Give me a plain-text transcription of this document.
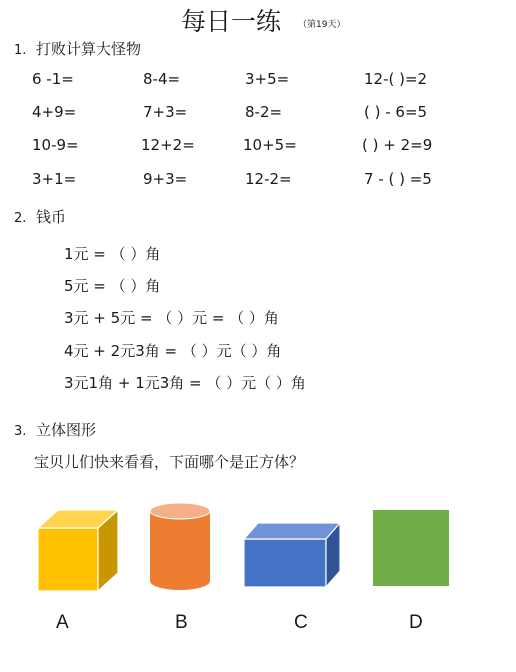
每日一练 （第19天）
1. 打败计算大怪物
6 -1=	8-4=	3+5=	12-( )=2
4+9=	7+3=	8-2=	( ) - 6=5
10-9=	12+2=	10+5=	( ) + 2=9
3+1=	9+3=	12-2=	7 - ( ) =5
2. 钱币
1元 = （ ）角
5元 = （ ）角
3元 + 5元 = （ ）元 = （ ）角
4元 + 2元3角 = （ ）元（ ）角
3元1角 + 1元3角 = （ ）元（ ）角
3. 立体图形
宝贝儿们快来看看，下面哪个是正方体？
A	B	C	D
